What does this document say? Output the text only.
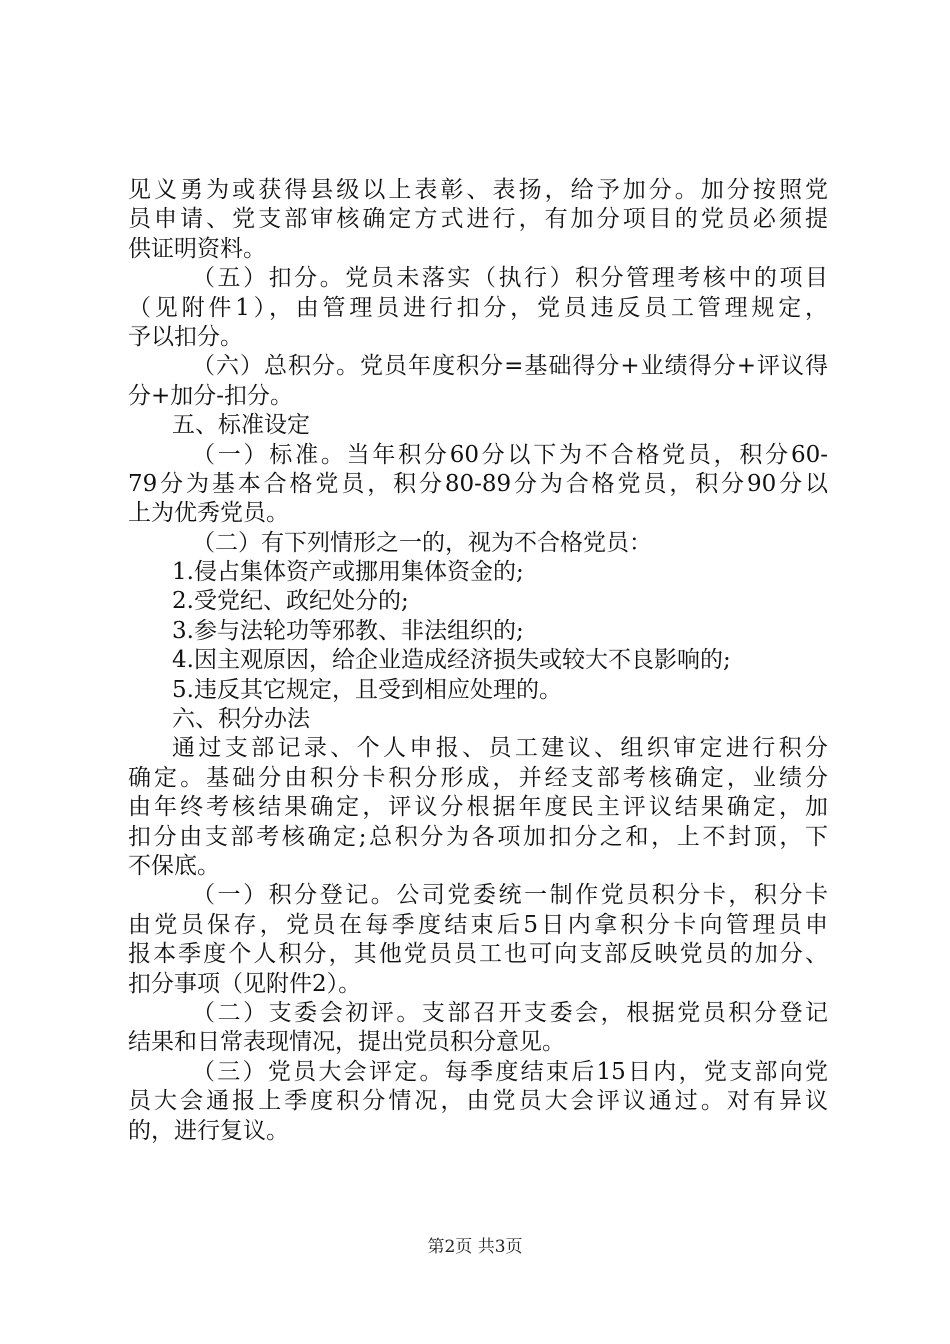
见义勇为或获得县级以上表彰、表扬，给予加分。加分按照党
员申请、党支部审核确定方式进行，有加分项目的党员必须提
供证明资料。
（五）扣分。党员未落实（执行）积分管理考核中的项目
（见附件1），由管理员进行扣分，党员违反员工管理规定，
予以扣分。
（六）总积分。党员年度积分=基础得分+业绩得分+评议得
分+加分-扣分。
五、标准设定
（一）标准。当年积分60分以下为不合格党员，积分60-
79分为基本合格党员，积分80-89分为合格党员，积分90分以
上为优秀党员。
（二）有下列情形之一的，视为不合格党员：
1.侵占集体资产或挪用集体资金的;
2.受党纪、政纪处分的;
3.参与法轮功等邪教、非法组织的;
4.因主观原因，给企业造成经济损失或较大不良影响的;
5.违反其它规定，且受到相应处理的。
六、积分办法
通过支部记录、个人申报、员工建议、组织审定进行积分
确定。基础分由积分卡积分形成，并经支部考核确定，业绩分
由年终考核结果确定，评议分根据年度民主评议结果确定，加
扣分由支部考核确定;总积分为各项加扣分之和，上不封顶，下
不保底。
（一）积分登记。公司党委统一制作党员积分卡，积分卡
由党员保存，党员在每季度结束后5日内拿积分卡向管理员申
报本季度个人积分，其他党员员工也可向支部反映党员的加分、
扣分事项（见附件2）。
（二）支委会初评。支部召开支委会，根据党员积分登记
结果和日常表现情况，提出党员积分意见。
（三）党员大会评定。每季度结束后15日内，党支部向党
员大会通报上季度积分情况，由党员大会评议通过。对有异议
的，进行复议。
第2页 共3页
